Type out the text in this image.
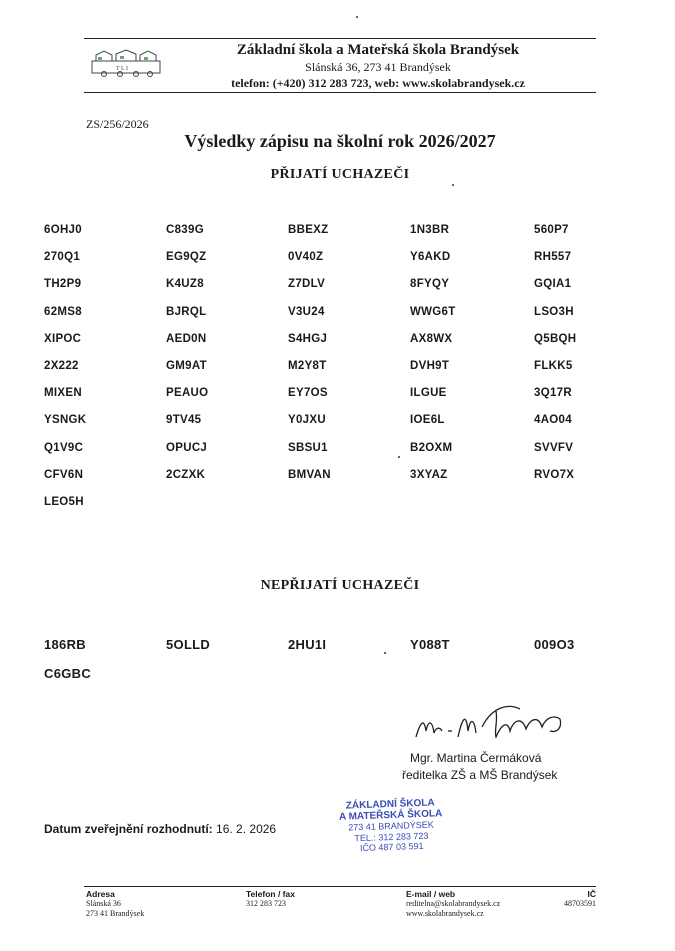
T L I
Základní škola a Mateřská škola Brandýsek
Slánská 36, 273 41 Brandýsek
telefon: (+420) 312 283 723, web: www.skolabrandysek.cz
ZS/256/2026
Výsledky zápisu na školní rok 2026/2027
PŘIJATÍ UCHAZEČI
6OHJ0	C839G	BBEXZ	1N3BR	560P7
270Q1	EG9QZ	0V40Z	Y6AKD	RH557
TH2P9	K4UZ8	Z7DLV	8FYQY	GQIA1
62MS8	BJRQL	V3U24	WWG6T	LSO3H
XIPOC	AED0N	S4HGJ	AX8WX	Q5BQH
2X222	GM9AT	M2Y8T	DVH9T	FLKK5
MIXEN	PEAUO	EY7OS	ILGUE	3Q17R
YSNGK	9TV45	Y0JXU	IOE6L	4AO04
Q1V9C	OPUCJ	SBSU1	B2OXM	SVVFV
CFV6N	2CZXK	BMVAN	3XYAZ	RVO7X
LEO5H
NEPŘIJATÍ UCHAZEČI
186RB	5OLLD	2HU1I	Y088T	009O3
C6GBC
Mgr. Martina Čermáková
ředitelka ZŠ a MŠ Brandýsek
Datum zveřejnění rozhodnutí: 16. 2. 2026
ZÁKLADNÍ ŠKOLA
A MATEŘSKÁ ŠKOLA
273 41 BRANDÝSEK
TEL.: 312 283 723
IČO 487 03 591
Adresa
Slánská 36
273 41 Brandýsek
Telefon / fax
312 283 723
E-mail / web
reditelna@skolabrandysek.cz
www.skolabrandysek.cz
IČ
48703591
